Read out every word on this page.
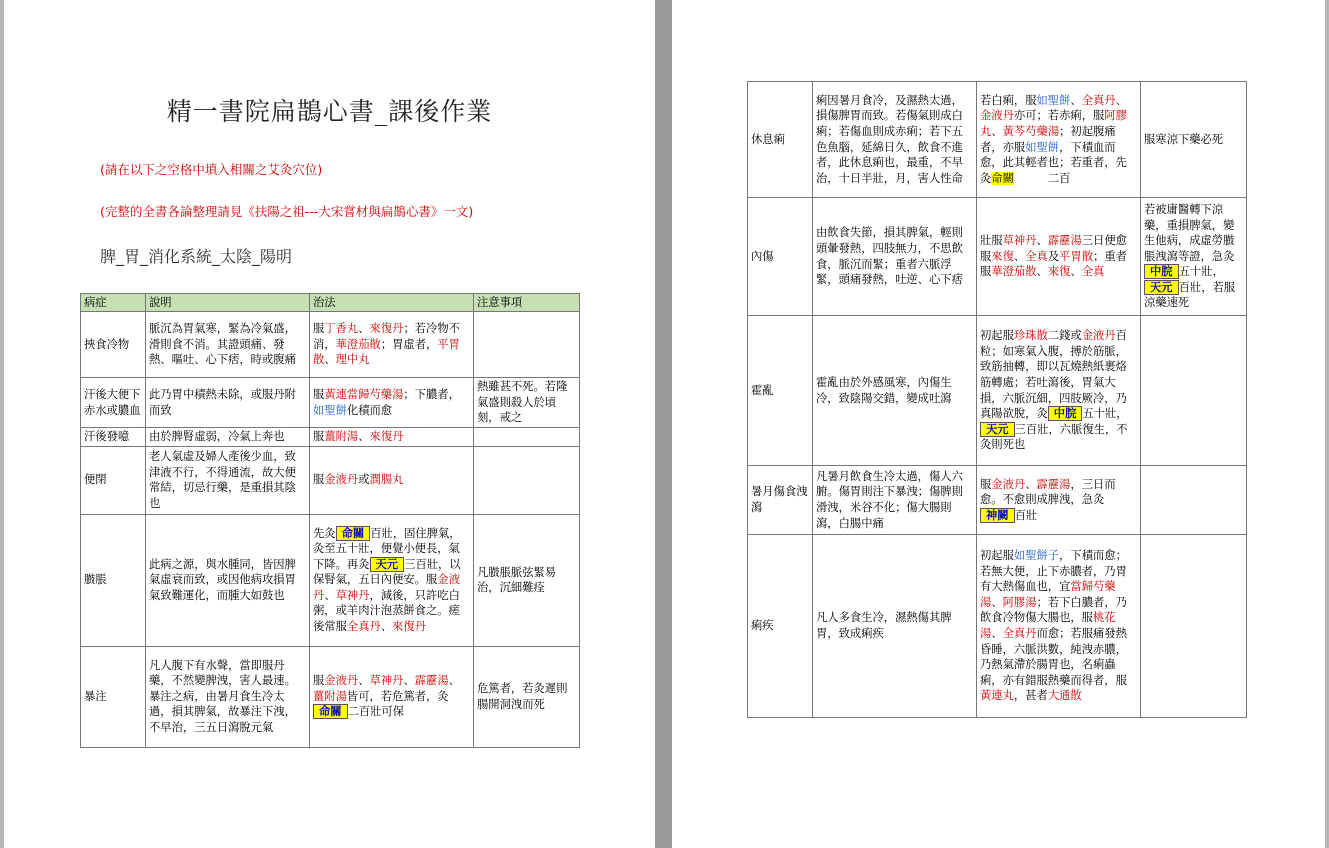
精一書院扁鵲心書_課後作業

(請在以下之空格中填入相關之艾灸穴位)

(完整的全書各論整理請見《扶陽之祖---大宋嘗材與扁鵲心書》一文)

脾_胃_消化系統_太陰_陽明

病症	說明	治法	注意事項
挾食冷物	脈沉為胃氣寒，緊為冷氣盛，滑則食不消。其證頭痛、發熱、嘔吐、心下痞，時或腹痛	服丁香丸、來復丹；若冷物不消，華澄茄散；胃虛者，平胃散、理中丸	
汗後大便下赤水或膿血	此乃胃中積熱未除，或服丹附而致	服黃連當歸芍藥湯；下膿者，如聖餅化積而愈	熱雖甚不死。若隆氣盛則殺人於頃刻，戒之
汗後發噫	由於脾腎虛弱，冷氣上奔也	服薑附湯、來復丹	
便閉	老人氣虛及婦人產後少血，致津液不行，不得通流，故大便常結，切忌行藥，是重損其陰也	服金液丹或潤腸丸	
臌脹	此病之源，與水腫同，皆因脾氣虛衰而致，或因他病攻損胃氣致難運化，而腫大如鼓也	先灸 命關 百壯，固住脾氣，灸至五十壯，便覺小便長，氣下降。再灸 天元 三百壯，以保腎氣，五日內便安。服金液丹、草神丹，減後，只許吃白粥，或羊肉汁泡蒸餅食之。瘥後常服全真丹、來復丹	凡臌脹脈弦緊易治，沉細難痊
暴注	凡人腹下有水聲，當即服丹藥，不然變脾洩，害人最速。暴注之病，由暑月食生冷太過，損其脾氣，故暴注下洩，不早治，三五日瀉脫元氣	服金液丹、草神丹、霹靂湯、薑附湯皆可，若危篤者，灸命關 二百壯可保	危篤者，若灸遲則腸開洞洩而死
休息痢	痢因暑月食冷，及濕熱太過，損傷脾胃而致。若傷氣則成白痢；若傷血則成赤痢；若下五色魚腦，延綿日久，飲食不進者，此休息痢也，最重，不早治，十日半壯，月，害人性命	若白痢，服如聖餅、全真丹、金液丹亦可；若赤痢，服阿膠丸、黃芩芍藥湯；初起腹痛者，亦服如聖餅，下積血而愈，此其輕者也；若重者，先灸命關　　　二百	服寒涼下藥必死
內傷	由飲食失節，損其脾氣，輕則頭暈發熱，四肢無力，不思飲食，脈沉而緊；重者六脈浮緊，頭痛發熱，吐逆、心下痞	壯服草神丹、霹靂湯三日便愈服來復、全真及平胃散；重者服華澄茄散、來復、全真	若被庸醫轉下涼藥，重損脾氣，變生他病，成虛勞臌脹洩瀉等證，急灸中脘 五十壯，天元 百壯，若服涼藥速死
霍亂	霍亂由於外感風寒，內傷生冷，致陰陽交錯，變成吐瀉	初起服珍珠散二錢或金液丹百粒；如寒氣入腹，搏於筋脈，致筋抽轉，即以瓦燒熱紙裹烙筋轉處；若吐瀉後，胃氣大損，六脈沉細，四肢厥冷，乃真陽欲脫，灸 中脘 五十壯，天元 三百壯，六脈復生，不灸則死也	
暑月傷食洩瀉	凡暑月飲食生冷太過，傷人六腑。傷胃則注下暴洩；傷脾則滑洩，米谷不化；傷大腸則瀉，白腸中痛	服金液丹、霹靂湯，三日而愈。不愈則成脾洩，急灸神闕 百壯	
痢疾	凡人多食生冷，濕熱傷其脾胃，致成痢疾	初起服如聖餅子，下積而愈；若無大便，止下赤膿者，乃胃有大熱傷血也，宜當歸芍藥湯、阿膠湯；若下白膿者，乃飲食冷物傷大腸也，服桃花湯、全真丹而愈；若服痛發熱昏睡，六脈洪數，純洩赤膿，乃熱氣滯於腸胃也，名痢蟲痢，亦有錯服熱藥而得者，服黃連丸，甚者大通散	
